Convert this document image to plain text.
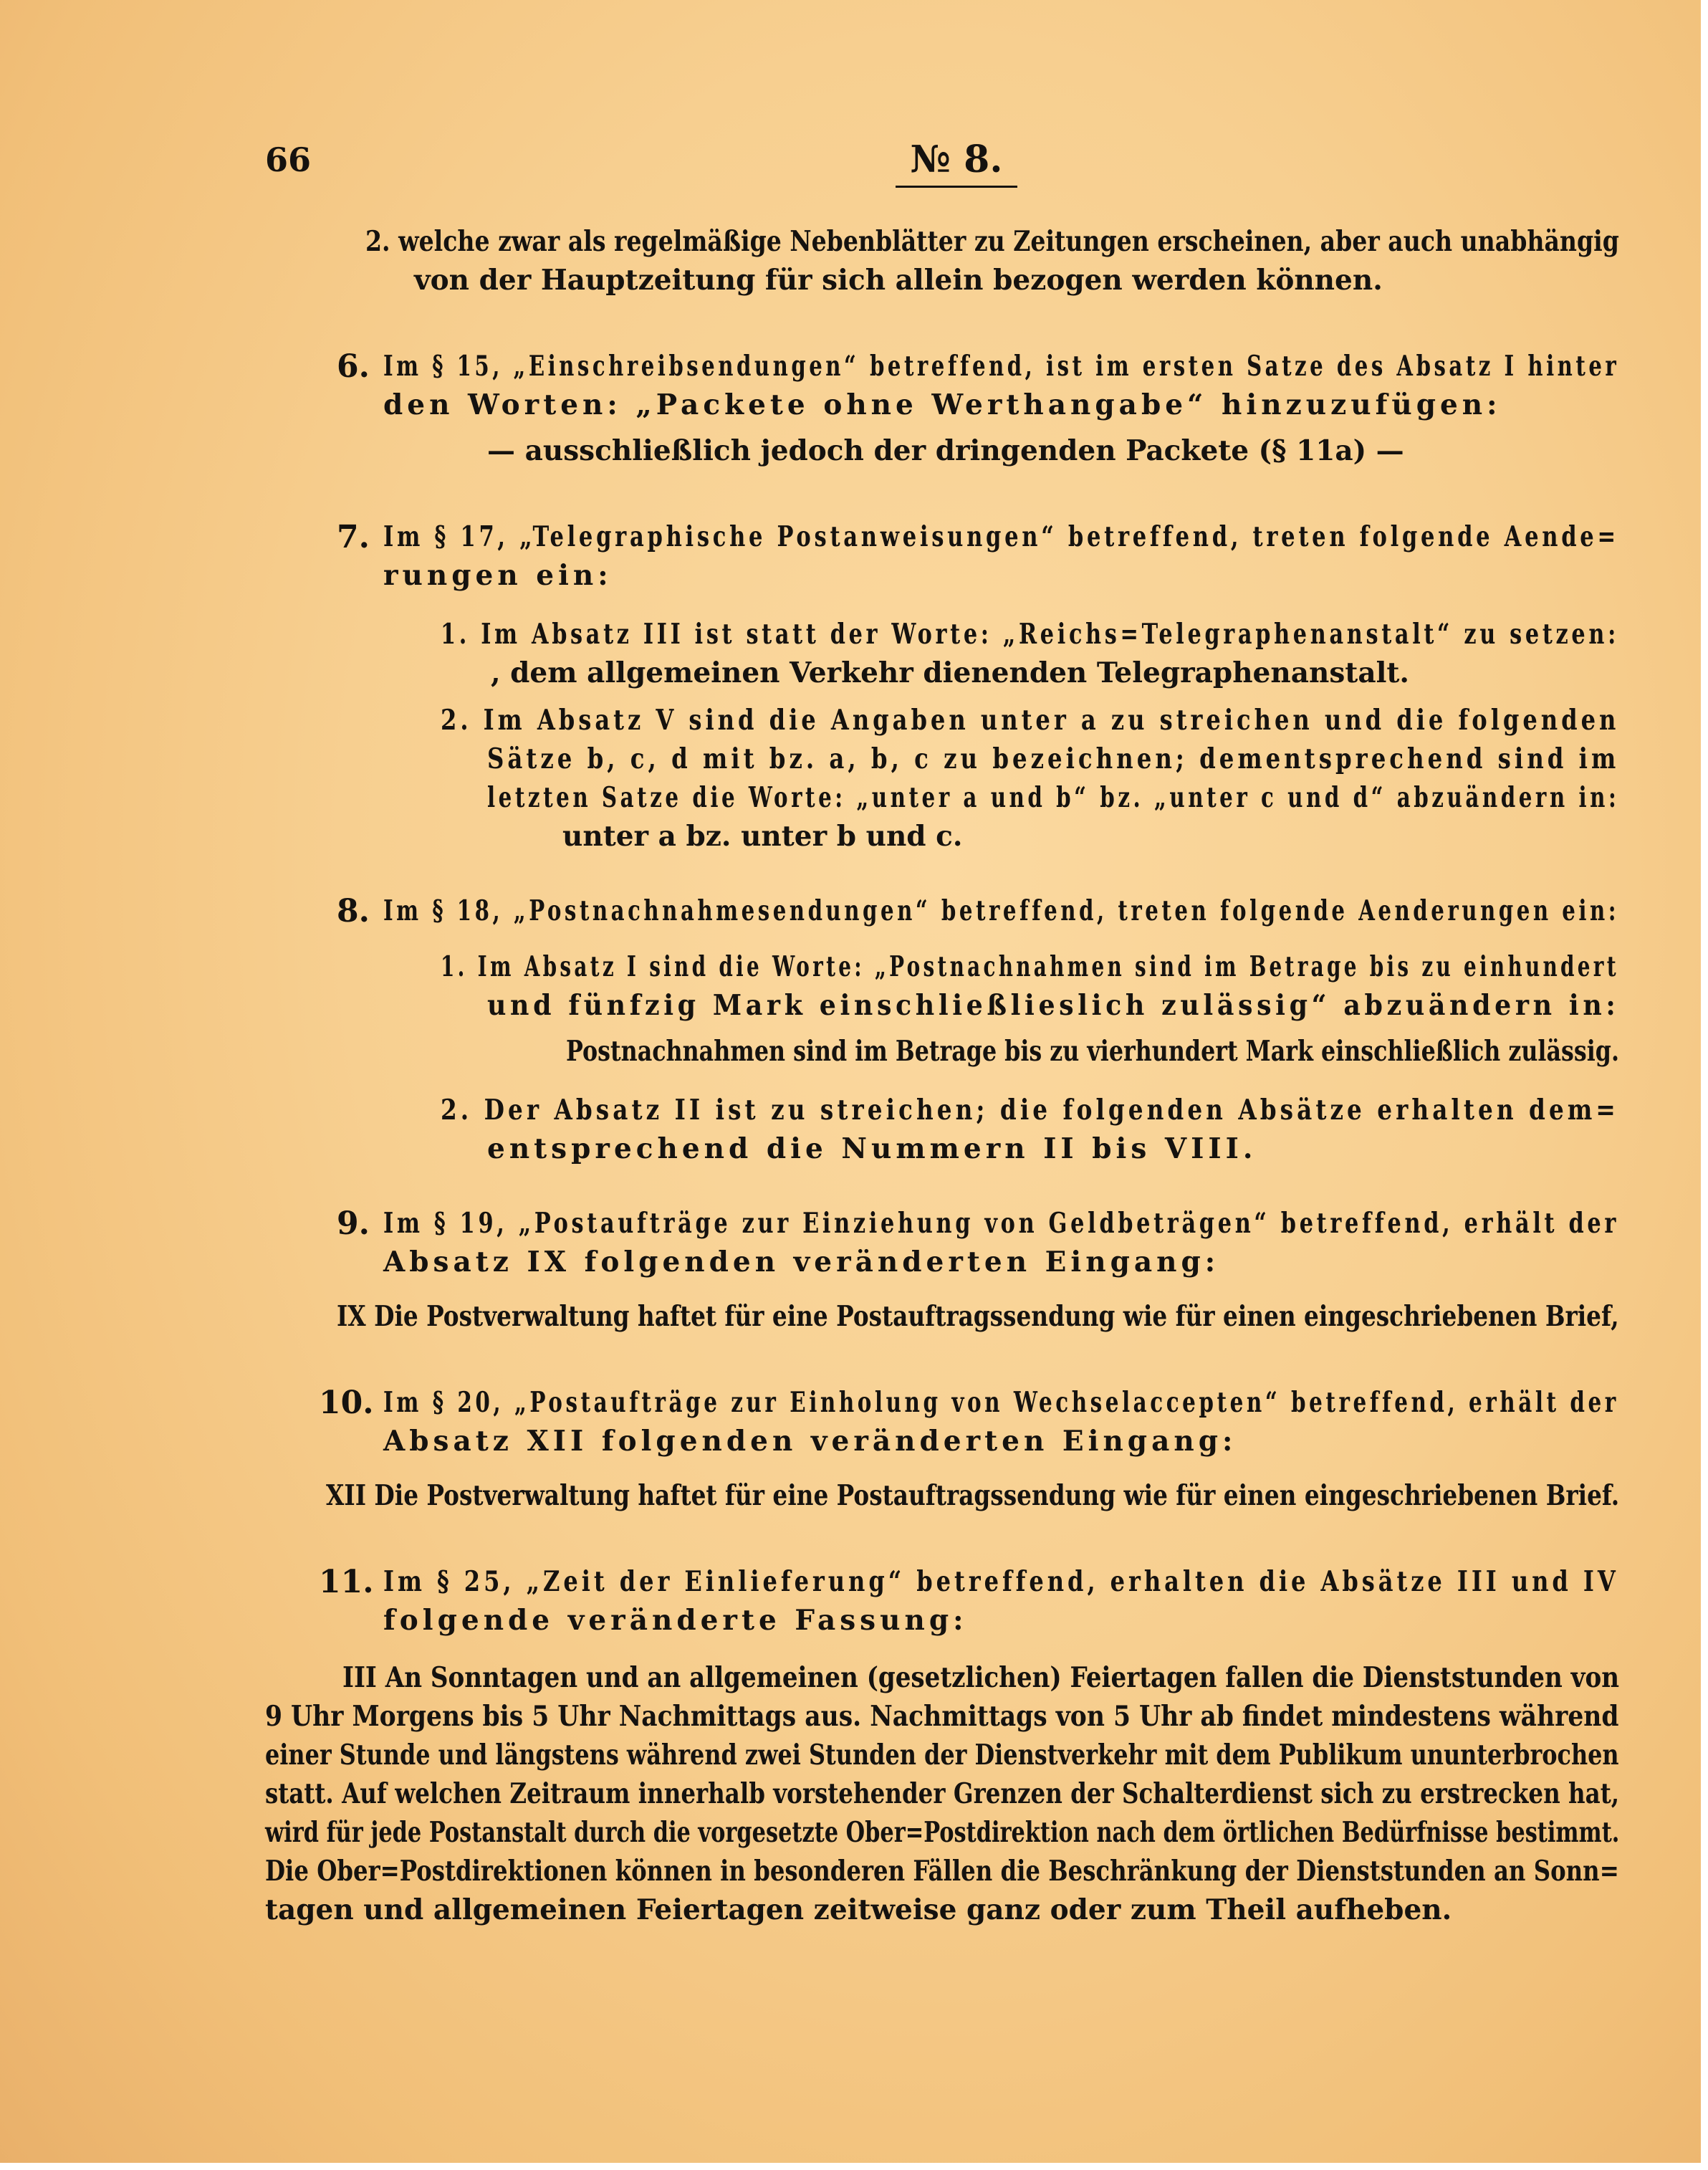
66	№ 8.
2. welche zwar als regelmäßige Nebenblätter zu Zeitungen erscheinen, aber auch unabhängig
von der Hauptzeitung für sich allein bezogen werden können.
6. Im § 15, „Einschreibsendungen“ betreffend, ist im ersten Satze des Absatz I hinter
den Worten: „Packete ohne Werthangabe“ hinzuzufügen:
— ausschließlich jedoch der dringenden Packete (§ 11a) —
7. Im § 17, „Telegraphische Postanweisungen“ betreffend, treten folgende Aende=
rungen ein:
1. Im Absatz III ist statt der Worte: „Reichs=Telegraphenanstalt“ zu setzen:
, dem allgemeinen Verkehr dienenden Telegraphenanstalt.
2. Im Absatz V sind die Angaben unter a zu streichen und die folgenden
Sätze b, c, d mit bz. a, b, c zu bezeichnen; dementsprechend sind im
letzten Satze die Worte: „unter a und b“ bz. „unter c und d“ abzuändern in:
unter a bz. unter b und c.
8. Im § 18, „Postnachnahmesendungen“ betreffend, treten folgende Aenderungen ein:
1. Im Absatz I sind die Worte: „Postnachnahmen sind im Betrage bis zu einhundert
und fünfzig Mark einschließlieslich zulässig“ abzuändern in:
Postnachnahmen sind im Betrage bis zu vierhundert Mark einschließlich zulässig.
2. Der Absatz II ist zu streichen; die folgenden Absätze erhalten dem=
entsprechend die Nummern II bis VIII.
9. Im § 19, „Postaufträge zur Einziehung von Geldbeträgen“ betreffend, erhält der
Absatz IX folgenden veränderten Eingang:
IX Die Postverwaltung haftet für eine Postauftragssendung wie für einen eingeschriebenen Brief,
10. Im § 20, „Postaufträge zur Einholung von Wechselaccepten“ betreffend, erhält der
Absatz XII folgenden veränderten Eingang:
XII Die Postverwaltung haftet für eine Postauftragssendung wie für einen eingeschriebenen Brief.
11. Im § 25, „Zeit der Einlieferung“ betreffend, erhalten die Absätze III und IV
folgende veränderte Fassung:
III An Sonntagen und an allgemeinen (gesetzlichen) Feiertagen fallen die Dienststunden von
9 Uhr Morgens bis 5 Uhr Nachmittags aus. Nachmittags von 5 Uhr ab findet mindestens während
einer Stunde und längstens während zwei Stunden der Dienstverkehr mit dem Publikum ununterbrochen
statt. Auf welchen Zeitraum innerhalb vorstehender Grenzen der Schalterdienst sich zu erstrecken hat,
wird für jede Postanstalt durch die vorgesetzte Ober=Postdirektion nach dem örtlichen Bedürfnisse bestimmt.
Die Ober=Postdirektionen können in besonderen Fällen die Beschränkung der Dienststunden an Sonn=
tagen und allgemeinen Feiertagen zeitweise ganz oder zum Theil aufheben.
